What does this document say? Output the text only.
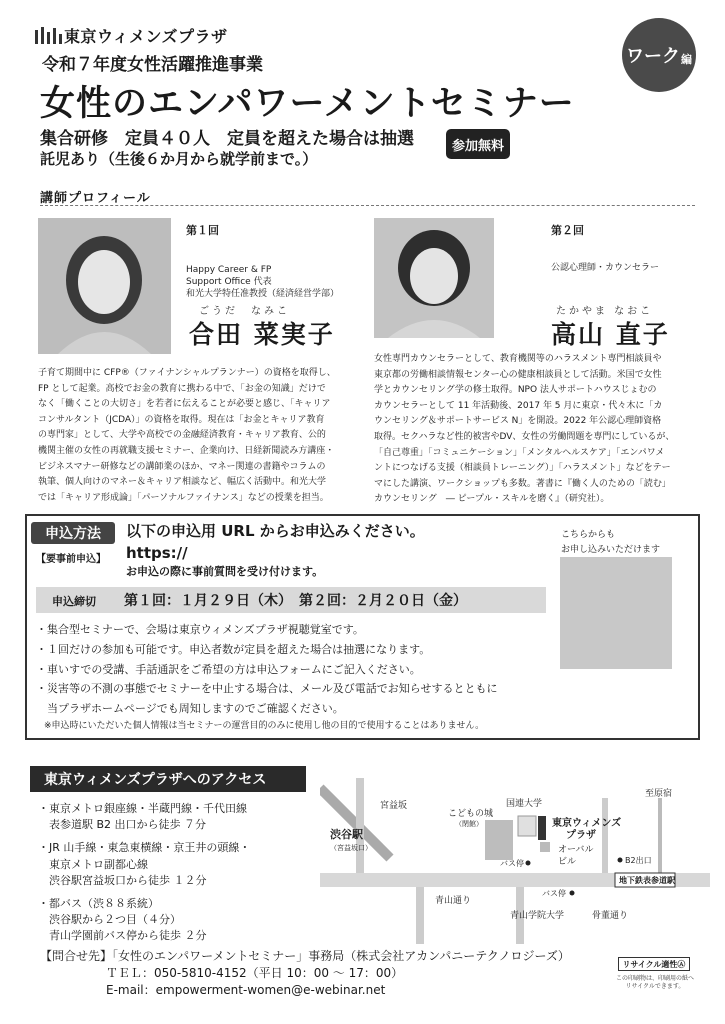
東京ウィメンズプラザ
令和７年度女性活躍推進事業
女性のエンパワーメントセミナー
集合研修　定員４０人　定員を超えた場合は抽選
託児あり（生後６か月から就学前まで。）
参加無料
ワーク 編
講師プロフィール
第１回
Happy Career & FP
Support Office 代表
和光大学特任准教授（経済経営学部）
ごうだ　なみこ
合田 菜実子
子育て期間中に CFP®（ファイナンシャルプランナー）の資格を取得し、
FP として起業。高校でお金の教育に携わる中で、「お金の知識」だけで
なく「働くことの大切さ」を若者に伝えることが必要と感じ、「キャリア
コンサルタント（JCDA）」の資格を取得。現在は「お金とキャリア教育
の専門家」として、大学や高校での金融経済教育・キャリア教育、公的
機関主催の女性の再就職支援セミナー、企業向け、日経新聞読み方講座・
ビジネスマナー研修などの講師業のほか、マネー関連の書籍やコラムの
執筆、個人向けのマネー＆キャリア相談など、幅広く活動中。和光大学
では「キャリア形成論」「パーソナルファイナンス」などの授業を担当。
第２回
公認心理師・カウンセラー
たかやま なおこ
高山 直子
女性専門カウンセラーとして、教育機関等のハラスメント専門相談員や
東京都の労働相談情報センター心の健康相談員として活動。米国で女性
学とカウンセリング学の修士取得。NPO 法人サポートハウスじょむの
カウンセラーとして 11 年活動後、2017 年 5 月に東京・代々木に「カ
ウンセリング＆サポートサービス N」を開設。2022 年公認心理師資格
取得。セクハラなど性的被害やDV、女性の労働問題を専門にしているが、
「自己尊重」「コミュニケーション」「メンタルヘルスケア」「エンパワメ
ントにつなげる支援（相談員トレーニング）」「ハラスメント」などをテー
マにした講演、ワークショップも多数。著書に『働く人のための「読む」
カウンセリング　― ピープル・スキルを磨く』（研究社）。
申込方法
【要事前申込】
以下の申込用 URL からお申込みください。
https://
お申込の際に事前質問を受け付けます。
こちらからも
お申し込みいただけます
申込締切 第１回：１月２９日（木）　第２回：２月２０日（金）
・集合型セミナーで、会場は東京ウィメンズプラザ視聴覚室です。
・１回だけの参加も可能です。申込者数が定員を超えた場合は抽選になります。
・車いすでの受講、手話通訳をご希望の方は申込フォームにご記入ください。
・災害等の不測の事態でセミナーを中止する場合は、メール及び電話でお知らせするとともに
　当プラザホームページでも周知しますのでご確認ください。
※申込時にいただいた個人情報は当セミナーの運営目的のみに使用し他の目的で使用することはありません。
東京ウィメンズプラザへのアクセス
・東京メトロ銀座線・半蔵門線・千代田線
　表参道駅 B2 出口から徒歩 ７分
・JR 山手線・東急東横線・京王井の頭線・
　東京メトロ副都心線
　渋谷駅宮益坂口から徒歩 １２分
・都バス（渋８８系統）
　渋谷駅から２つ目（４分）
　青山学園前バス停から徒歩 ２分
渋谷駅
（宮益坂口）
宮益坂
こどもの城
（閉館）
国連大学
東京ウィメンズ
プラザ
オーバル
ビル
バス停
バス停
B2出口
地下鉄表参道駅
至原宿
青山通り
青山学院大学	骨董通り
【問合せ先】「女性のエンパワーメントセミナー」事務局（株式会社アカンパニーテクノロジーズ）
ＴＥＬ：050-5810-4152（平日 10：00 ～ 17：00）
E-mail：empowerment-women@e-webinar.net
リサイクル適性Ⓐ
この印刷物は、印刷用の紙へリサイクルできます。
